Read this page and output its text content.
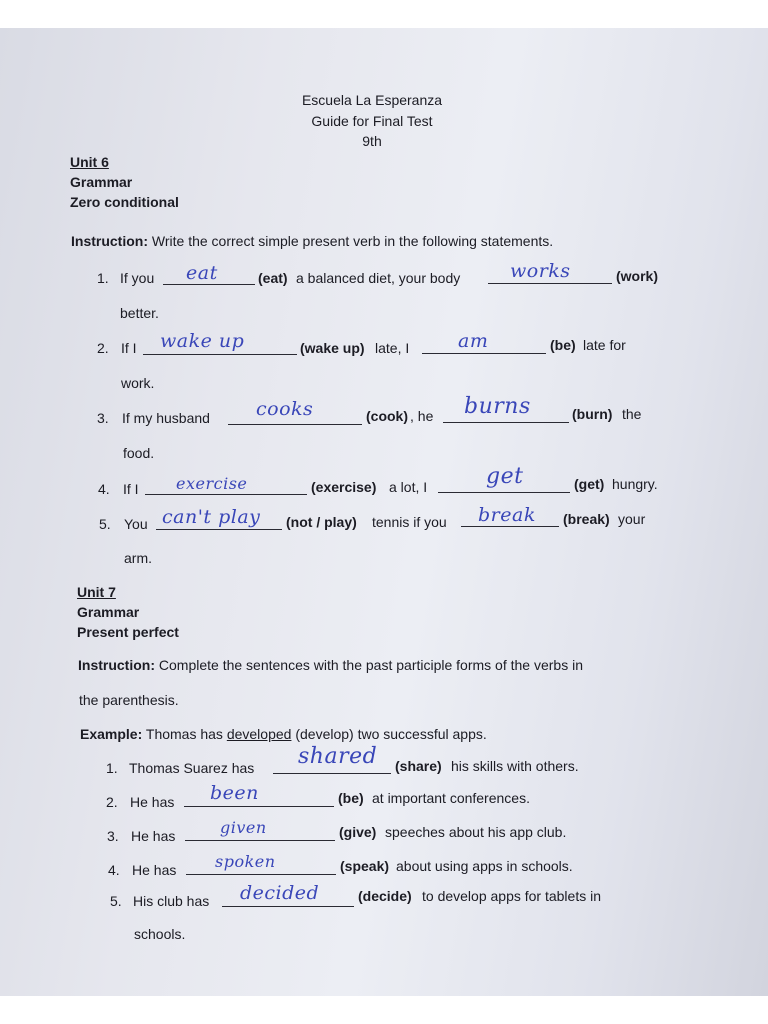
Escuela La Esperanza
Guide for Final Test
9th
Unit 6
Grammar
Zero conditional
Instruction: Write the correct simple present verb in the following statements.
1. If you eat	(eat) a balanced diet, your body	works	(work)
better.
2. If I wake up	(wake up) late, I	am	(be) late for
work.
3. If my husband cooks	(cook) , he burns	(burn) the
food.
4. If I exercise	(exercise) a lot, I	get	(get) hungry.
5. You can't play (not / play) tennis if you break (break) your
arm.
Unit 7
Grammar
Present perfect
Instruction: Complete the sentences with the past participle forms of the verbs in
the parenthesis.
Example: Thomas has developed (develop) two successful apps.
1. Thomas Suarez has shared (share) his skills with others.
2. He has been	(be) at important conferences.
3. He has	given	(give) speeches about his app club.
4. He has spoken	(speak) about using apps in schools.
5. His club has decided	(decide) to develop apps for tablets in
schools.
